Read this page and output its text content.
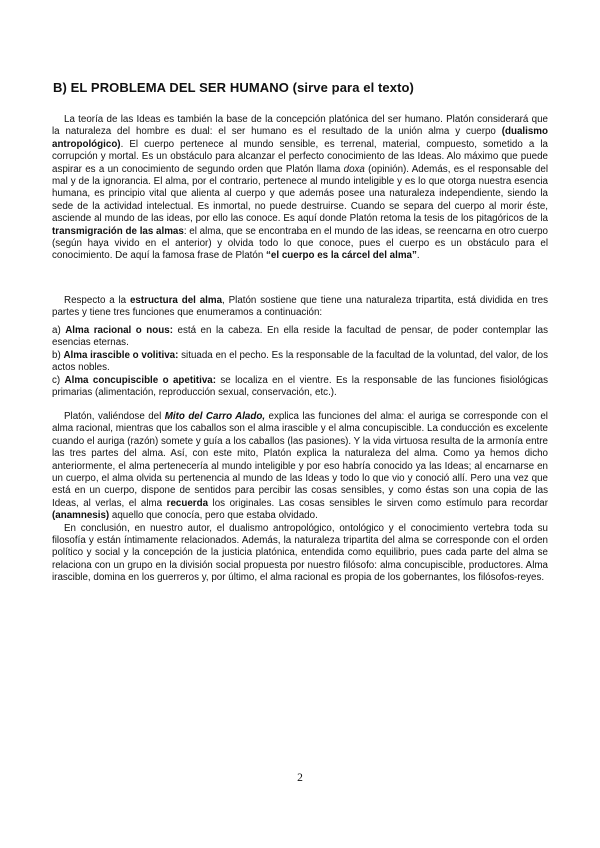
B) EL PROBLEMA DEL SER HUMANO (sirve para el texto)

La teoría de las Ideas es también la base de la concepción platónica del ser humano. Platón considerará que la naturaleza del hombre es dual: el ser humano es el resultado de la unión alma y cuerpo (dualismo antropológico). El cuerpo pertenece al mundo sensible, es terrenal, material, compuesto, sometido a la corrupción y mortal. Es un obstáculo para alcanzar el perfecto conocimiento de las Ideas. Alo máximo que puede aspirar es a un conocimiento de segundo orden que Platón llama doxa (opinión). Además, es el responsable del mal y de la ignorancia. El alma, por el contrario, pertenece al mundo inteligible y es lo que otorga nuestra esencia humana, es principio vital que alienta al cuerpo y que además posee una naturaleza independiente, siendo la sede de la actividad intelectual. Es inmortal, no puede destruirse. Cuando se separa del cuerpo al morir éste, asciende al mundo de las ideas, por ello las conoce. Es aquí donde Platón retoma la tesis de los pitagóricos de la transmigración de las almas: el alma, que se encontraba en el mundo de las ideas, se reencarna en otro cuerpo (según haya vivido en el anterior) y olvida todo lo que conoce, pues el cuerpo es un obstáculo para el conocimiento. De aquí la famosa frase de Platón “el cuerpo es la cárcel del alma”.

Respecto a la estructura del alma, Platón sostiene que tiene una naturaleza tripartita, está dividida en tres partes y tiene tres funciones que enumeramos a continuación:

a) Alma racional o nous: está en la cabeza. En ella reside la facultad de pensar, de poder contemplar las esencias eternas.

b) Alma irascible o volitiva: situada en el pecho. Es la responsable de la facultad de la voluntad, del valor, de los actos nobles.

c) Alma concupiscible o apetitiva: se localiza en el vientre. Es la responsable de las funciones fisiológicas primarias (alimentación, reproducción sexual, conservación, etc.).

Platón, valiéndose del Mito del Carro Alado, explica las funciones del alma: el auriga se corresponde con el alma racional, mientras que los caballos son el alma irascible y el alma concupiscible. La conducción es excelente cuando el auriga (razón) somete y guía a los caballos (las pasiones). Y la vida virtuosa resulta de la armonía entre las tres partes del alma. Así, con este mito, Platón explica la naturaleza del alma. Como ya hemos dicho anteriormente, el alma pertenecería al mundo inteligible y por eso habría conocido ya las Ideas; al encarnarse en un cuerpo, el alma olvida su pertenencia al mundo de las Ideas y todo lo que vio y conoció allí. Pero una vez que está en un cuerpo, dispone de sentidos para percibir las cosas sensibles, y como éstas son una copia de las Ideas, al verlas, el alma recuerda los originales. Las cosas sensibles le sirven como estímulo para recordar (anamnesis) aquello que conocía, pero que estaba olvidado.

En conclusión, en nuestro autor, el dualismo antropológico, ontológico y el conocimiento vertebra toda su filosofía y están íntimamente relacionados. Además, la naturaleza tripartita del alma se corresponde con el orden político y social y la concepción de la justicia platónica, entendida como equilibrio, pues cada parte del alma se relaciona con un grupo en la división social propuesta por nuestro filósofo: alma concupiscible, productores. Alma irascible, domina en los guerreros y, por último, el alma racional es propia de los gobernantes, los filósofos-reyes.

2
